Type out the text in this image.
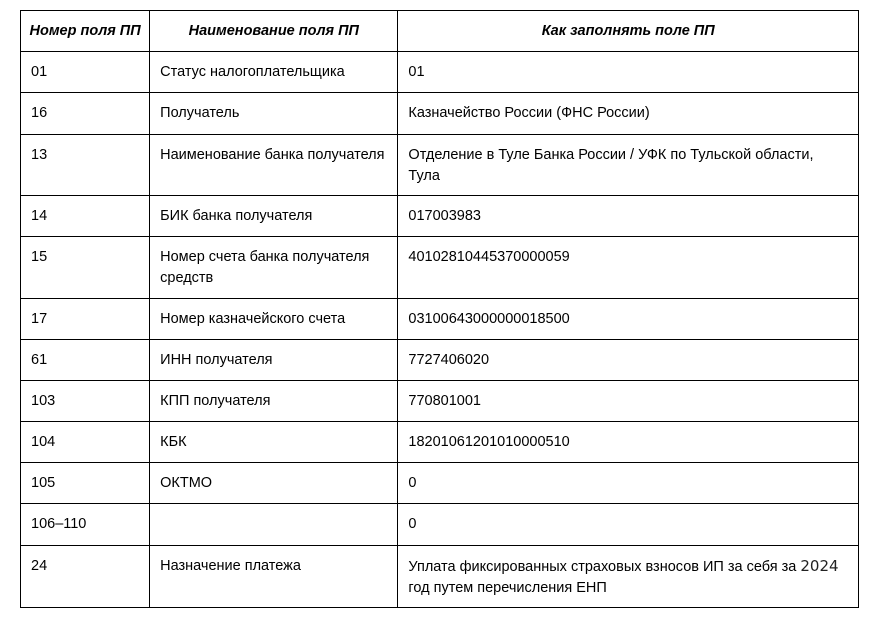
Номер поля ПП	Наименование поля ПП	Как заполнять поле ПП
01	Статус налогоплательщика	01
16	Получатель	Казначейство России (ФНС России)
13	Наименование банка получателя	Отделение в Туле Банка России / УФК по Тульской области, Тула
14	БИК банка получателя	017003983
15	Номер счета банка получателя средств	40102810445370000059
17	Номер казначейского счета	03100643000000018500
61	ИНН получателя	7727406020
103	КПП получателя	770801001
104	КБК	18201061201010000510
105	ОКТМО	0
106–110		0
24	Назначение платежа	Уплата фиксированных страховых взносов ИП за себя за 2024 год путем перечисления ЕНП
